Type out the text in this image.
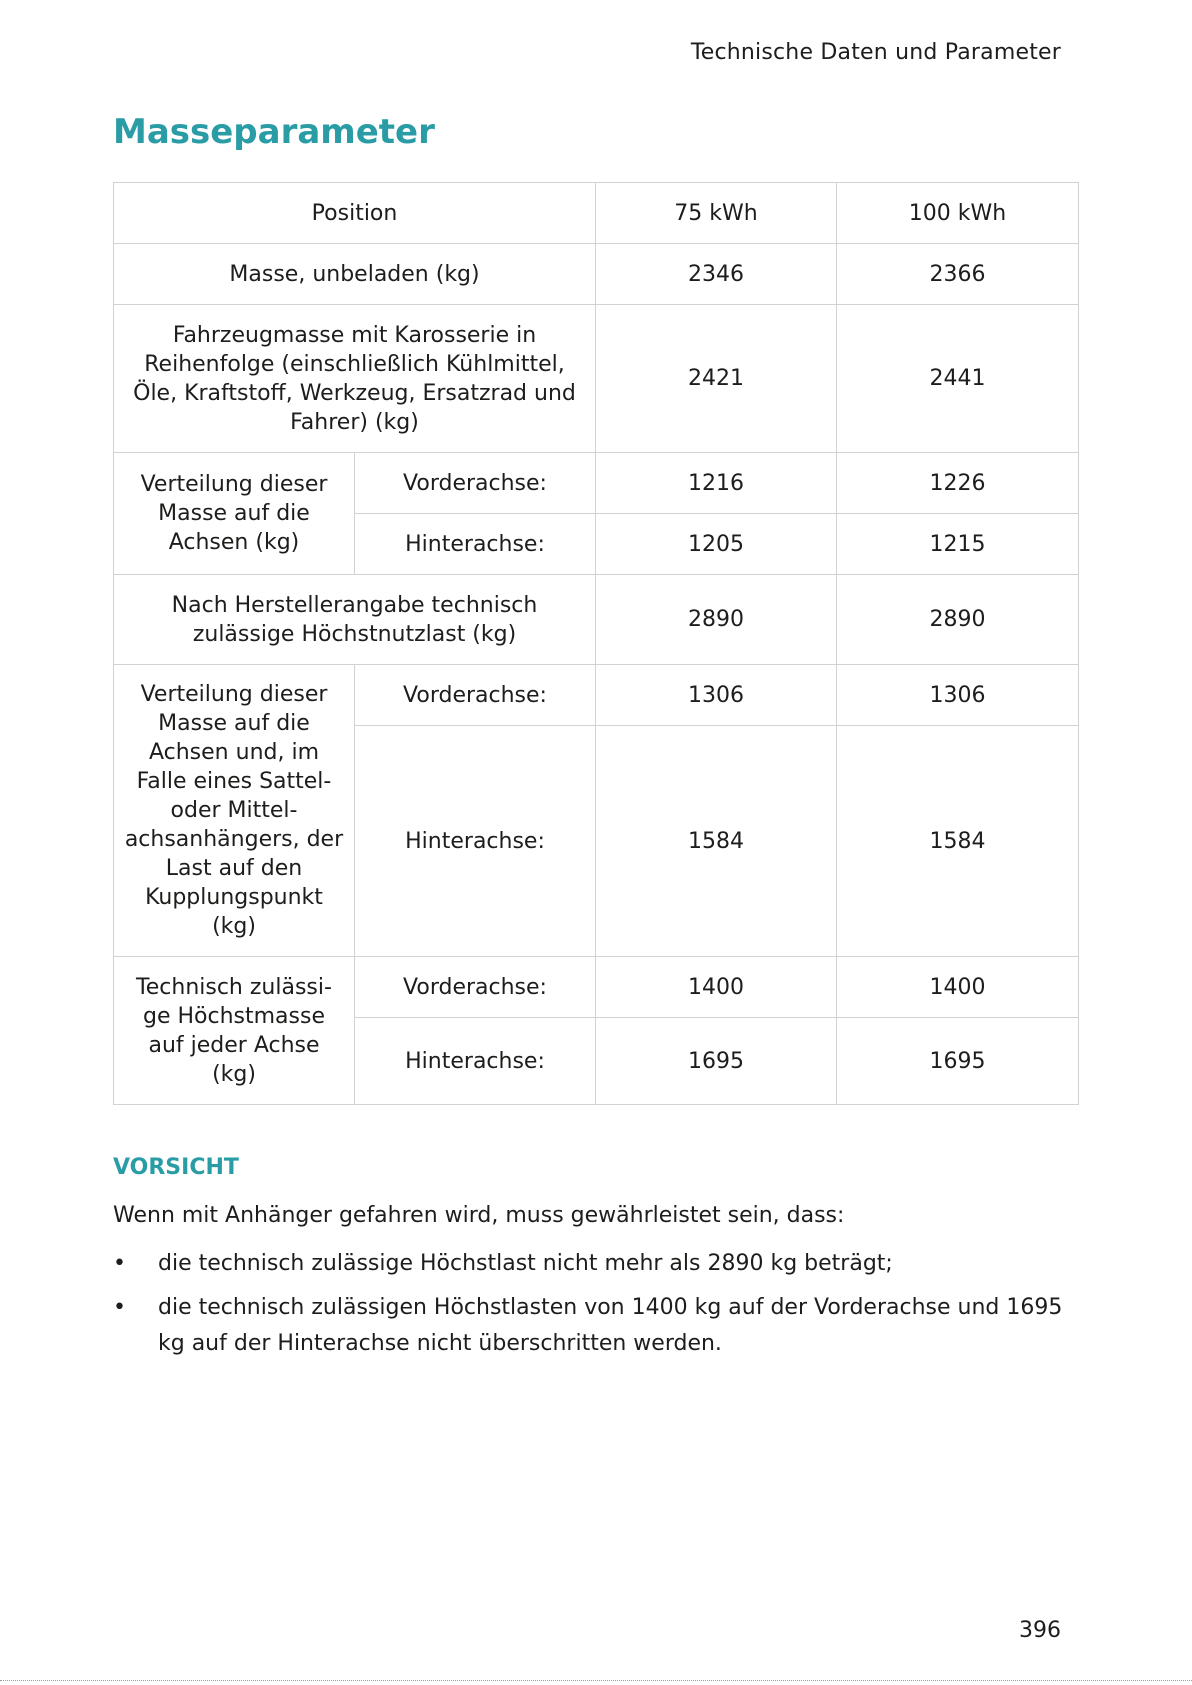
Technische Daten und Parameter
Masseparameter
Position		75 kWh	100 kWh
Masse, unbeladen (kg)		2346	2366
Fahrzeugmasse mit Karosserie in Reihenfolge (einschließlich Kühlmittel, Öle, Kraftstoff, Werkzeug, Ersatzrad und Fahrer) (kg)		2421	2441
Verteilung dieser Masse auf die Achsen (kg)	Vorderachse:	1216	1226
	Hinterachse:	1205	1215
Nach Herstellerangabe technisch zulässige Höchstnutzlast (kg)		2890	2890
Verteilung dieser Masse auf die Achsen und, im Falle eines Sattel- oder Mittel-achsanhängers, der Last auf den Kupplungspunkt (kg)	Vorderachse:	1306	1306
	Hinterachse:	1584	1584
Technisch zulässi-ge Höchstmasse auf jeder Achse (kg)	Vorderachse:	1400	1400
	Hinterachse:	1695	1695
VORSICHT
Wenn mit Anhänger gefahren wird, muss gewährleistet sein, dass:
• die technisch zulässige Höchstlast nicht mehr als 2890 kg beträgt;
• die technisch zulässigen Höchstlasten von 1400 kg auf der Vorderachse und 1695 kg auf der Hinterachse nicht überschritten werden.
396
